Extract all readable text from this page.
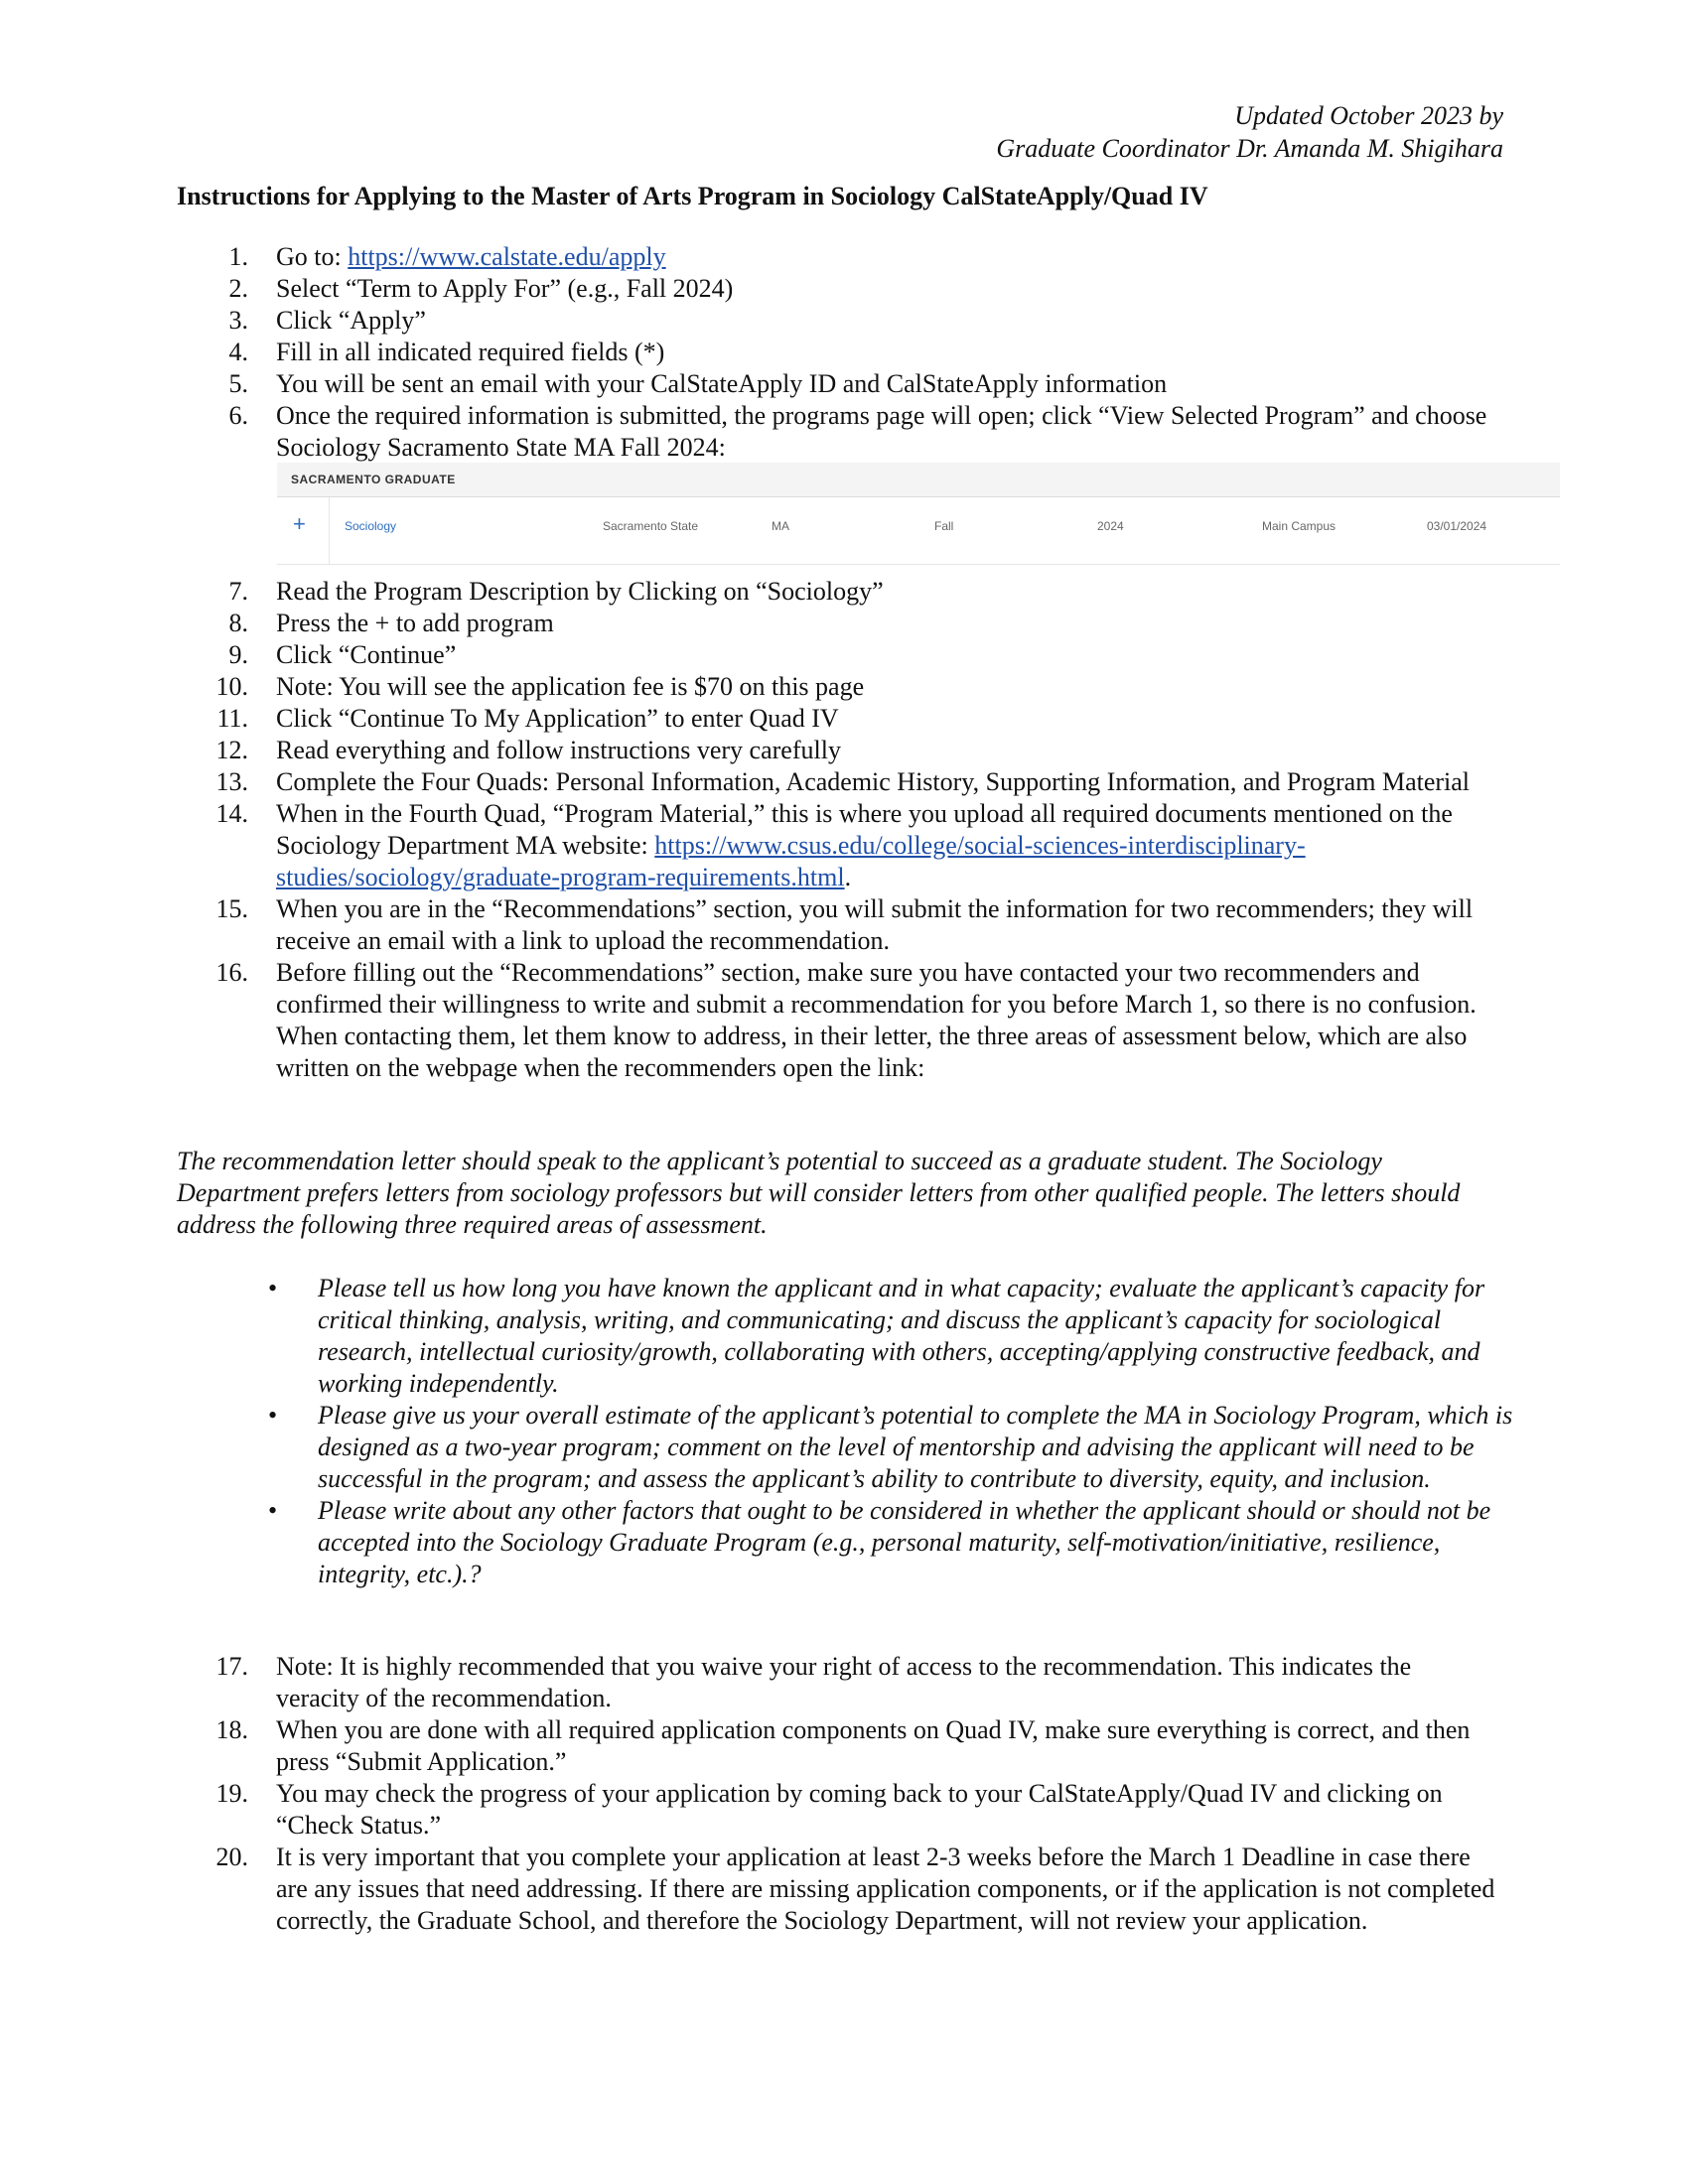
Updated October 2023 by
Graduate Coordinator Dr. Amanda M. Shigihara
Instructions for Applying to the Master of Arts Program in Sociology CalStateApply/Quad IV
1. Go to: https://www.calstate.edu/apply
2. Select “Term to Apply For” (e.g., Fall 2024)
3. Click “Apply”
4. Fill in all indicated required fields (*)
5. You will be sent an email with your CalStateApply ID and CalStateApply information
6. Once the required information is submitted, the programs page will open; click “View Selected Program” and choose Sociology Sacramento State MA Fall 2024:
SACRAMENTO GRADUATE
+	Sociology	Sacramento State	MA	Fall	2024	Main Campus	03/01/2024
7. Read the Program Description by Clicking on “Sociology”
8. Press the + to add program
9. Click “Continue”
10. Note: You will see the application fee is $70 on this page
11. Click “Continue To My Application” to enter Quad IV
12. Read everything and follow instructions very carefully
13. Complete the Four Quads: Personal Information, Academic History, Supporting Information, and Program Material
14. When in the Fourth Quad, “Program Material,” this is where you upload all required documents mentioned on the Sociology Department MA website: https://www.csus.edu/college/social-sciences-interdisciplinary-studies/sociology/graduate-program-requirements.html.
15. When you are in the “Recommendations” section, you will submit the information for two recommenders; they will receive an email with a link to upload the recommendation.
16. Before filling out the “Recommendations” section, make sure you have contacted your two recommenders and confirmed their willingness to write and submit a recommendation for you before March 1, so there is no confusion. When contacting them, let them know to address, in their letter, the three areas of assessment below, which are also written on the webpage when the recommenders open the link:

The recommendation letter should speak to the applicant’s potential to succeed as a graduate student. The Sociology Department prefers letters from sociology professors but will consider letters from other qualified people. The letters should address the following three required areas of assessment.

• Please tell us how long you have known the applicant and in what capacity; evaluate the applicant’s capacity for critical thinking, analysis, writing, and communicating; and discuss the applicant’s capacity for sociological research, intellectual curiosity/growth, collaborating with others, accepting/applying constructive feedback, and working independently.
• Please give us your overall estimate of the applicant’s potential to complete the MA in Sociology Program, which is designed as a two-year program; comment on the level of mentorship and advising the applicant will need to be successful in the program; and assess the applicant’s ability to contribute to diversity, equity, and inclusion.
• Please write about any other factors that ought to be considered in whether the applicant should or should not be accepted into the Sociology Graduate Program (e.g., personal maturity, self-motivation/initiative, resilience, integrity, etc.).?
17. Note: It is highly recommended that you waive your right of access to the recommendation. This indicates the veracity of the recommendation.
18. When you are done with all required application components on Quad IV, make sure everything is correct, and then press “Submit Application.”
19. You may check the progress of your application by coming back to your CalStateApply/Quad IV and clicking on “Check Status.”
20. It is very important that you complete your application at least 2-3 weeks before the March 1 Deadline in case there are any issues that need addressing. If there are missing application components, or if the application is not completed correctly, the Graduate School, and therefore the Sociology Department, will not review your application.
